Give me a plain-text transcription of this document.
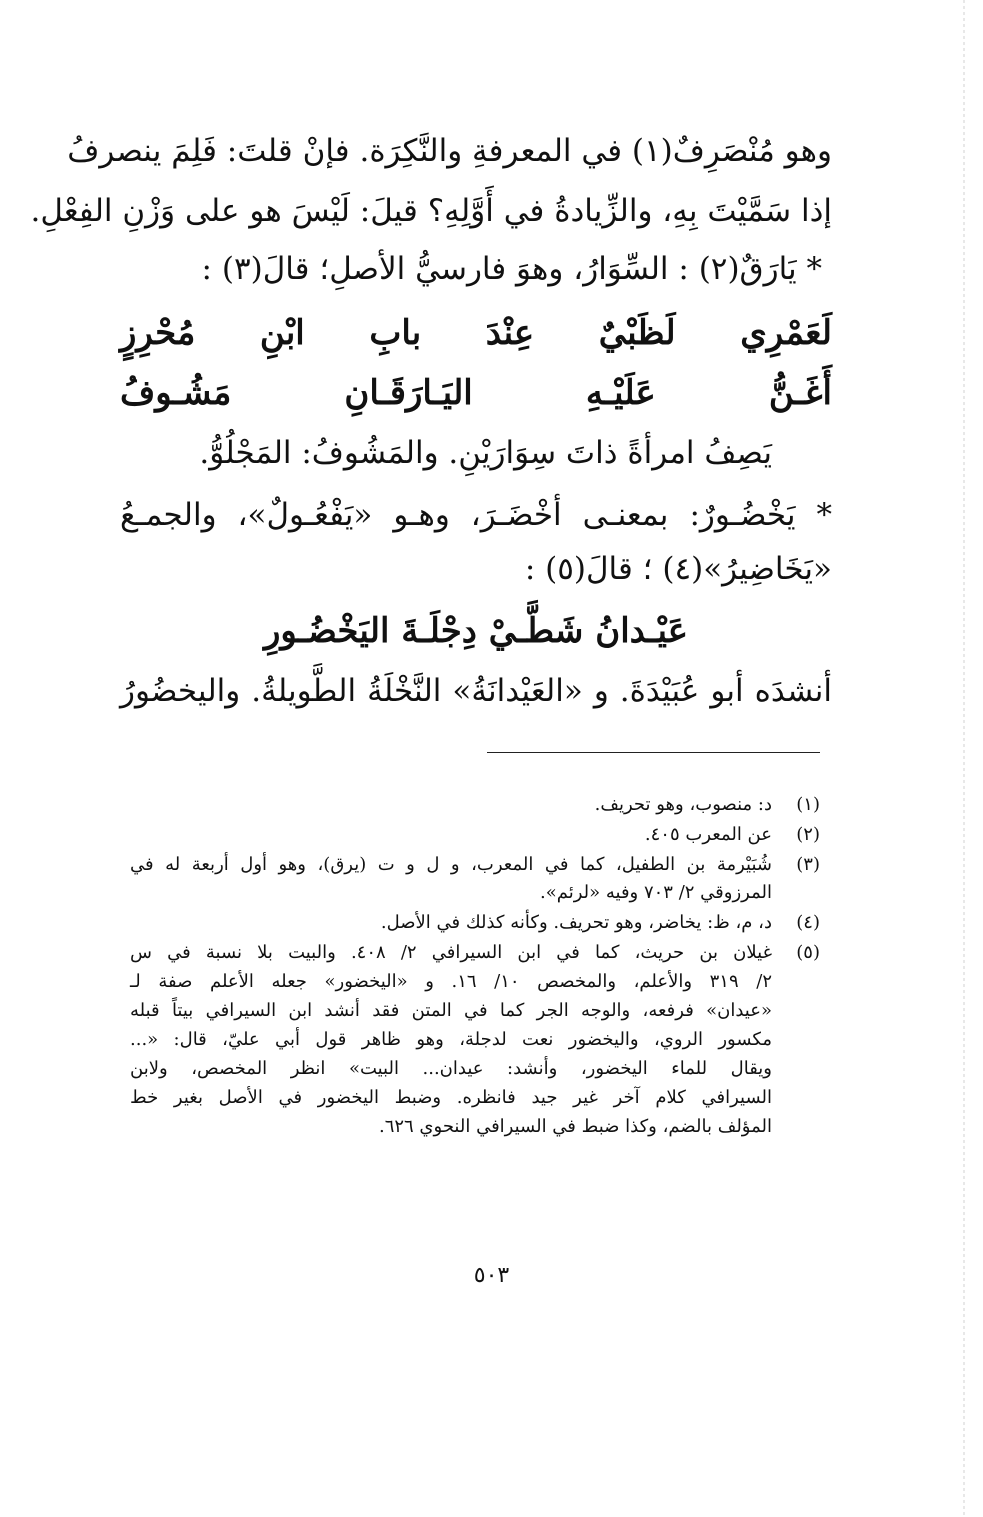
وهو مُنْصَرِفٌ(١) في المعرفةِ والنَّكِرَة. فإنْ قلتَ: فَلِمَ ينصرفُ
إذا سَمَّيْتَ بِهِ، والزِّيادةُ في أَوَّلِهِ؟ قيلَ: لَيْسَ هو على وَزْنِ الفِعْلِ.
* يَارَقٌ(٢) : السِّوَارُ، وهوَ فارسيُّ الأصلِ؛ قالَ(٣) :
لَعَمْرِي لَظَبْيٌ عِنْدَ بابِ ابْنِ مُحْرِزٍ
أَغَـنُّ عَلَيْـهِ اليَـارَقَـانِ مَشُـوفُ
يَصِفُ امرأةً ذاتَ سِوَارَيْنِ. والمَشُوفُ: المَجْلُوُّ.
* يَخْضُـورٌ: بمعنـى أخْضَـرَ، وهـو «يَفْعُـولٌ»، والجمـعُ
«يَخَاضِيرُ»(٤) ؛ قالَ(٥) :
عَيْـدانُ شَطَّـيْ دِجْلَـةَ اليَخْضُـورِ
أنشدَه أبو عُبَيْدَةَ. و «العَيْدانَةُ» النَّخْلَةُ الطَّويلةُ. واليخضُورُ
(١)
د: منصوب، وهو تحريف.
(٢)
عن المعرب ٤٠٥.
(٣)
شُبَيْرمة بن الطفيل، كما في المعرب، و ل و ت (يرق)، وهو أول أربعة له في
المرزوقي ٢/ ٧٠٣ وفيه «لرئم».
(٤)
د، م، ظ: يخاضر، وهو تحريف. وكأنه كذلك في الأصل.
(٥)
غيلان بن حريث، كما في ابن السيرافي ٢/ ٤٠٨. والبيت بلا نسبة في س
٢/ ٣١٩ والأعلم، والمخصص ١٠/ ١٦. و «اليخضور» جعله الأعلم صفة لـ
«عيدان» فرفعه، والوجه الجر كما في المتن فقد أنشد ابن السيرافي بيتاً قبله
مكسور الروي، واليخضور نعت لدجلة، وهو ظاهر قول أبي عليّ، قال: «...
ويقال للماء اليخضور، وأنشد: عيدان... البيت» انظر المخصص، ولابن
السيرافي كلام آخر غير جيد فانظره. وضبط اليخضور في الأصل بغير خط
المؤلف بالضم، وكذا ضبط في السيرافي النحوي ٦٢٦.
٥٠٣
